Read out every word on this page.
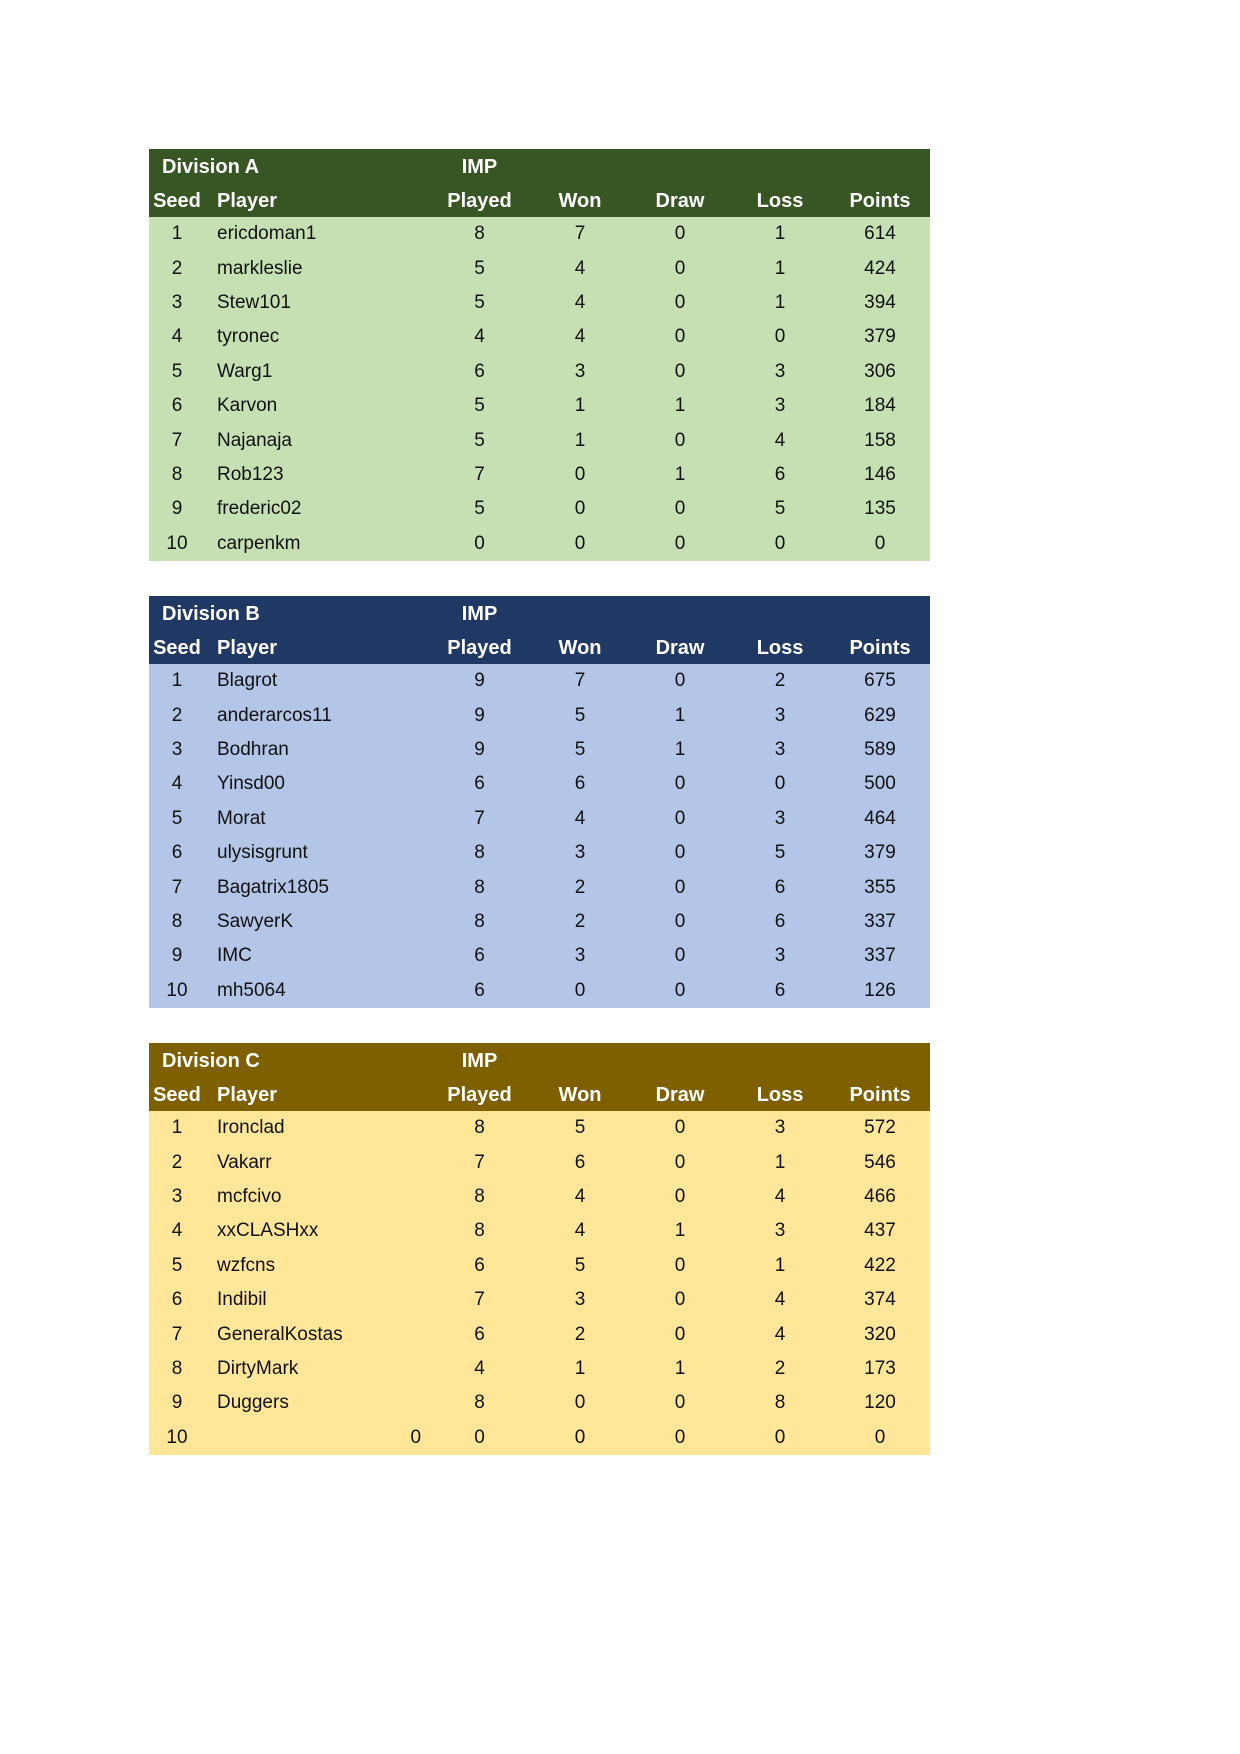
Division A			IMP				
Seed	Player		Played	Won	Draw	Loss	Points
1	ericdoman1		8	7	0	1	614
2	markleslie		5	4	0	1	424
3	Stew101		5	4	0	1	394
4	tyronec		4	4	0	0	379
5	Warg1		6	3	0	3	306
6	Karvon		5	1	1	3	184
7	Najanaja		5	1	0	4	158
8	Rob123		7	0	1	6	146
9	frederic02		5	0	0	5	135
10	carpenkm		0	0	0	0	0
Division B			IMP				
Seed	Player		Played	Won	Draw	Loss	Points
1	Blagrot		9	7	0	2	675
2	anderarcos11		9	5	1	3	629
3	Bodhran		9	5	1	3	589
4	Yinsd00		6	6	0	0	500
5	Morat		7	4	0	3	464
6	ulysisgrunt		8	3	0	5	379
7	Bagatrix1805		8	2	0	6	355
8	SawyerK		8	2	0	6	337
9	IMC		6	3	0	3	337
10	mh5064		6	0	0	6	126
Division C			IMP				
Seed	Player		Played	Won	Draw	Loss	Points
1	Ironclad		8	5	0	3	572
2	Vakarr		7	6	0	1	546
3	mcfcivo		8	4	0	4	466
4	xxCLASHxx		8	4	1	3	437
5	wzfcns		6	5	0	1	422
6	Indibil		7	3	0	4	374
7	GeneralKostas		6	2	0	4	320
8	DirtyMark		4	1	1	2	173
9	Duggers		8	0	0	8	120
10		0	0	0	0	0	0
